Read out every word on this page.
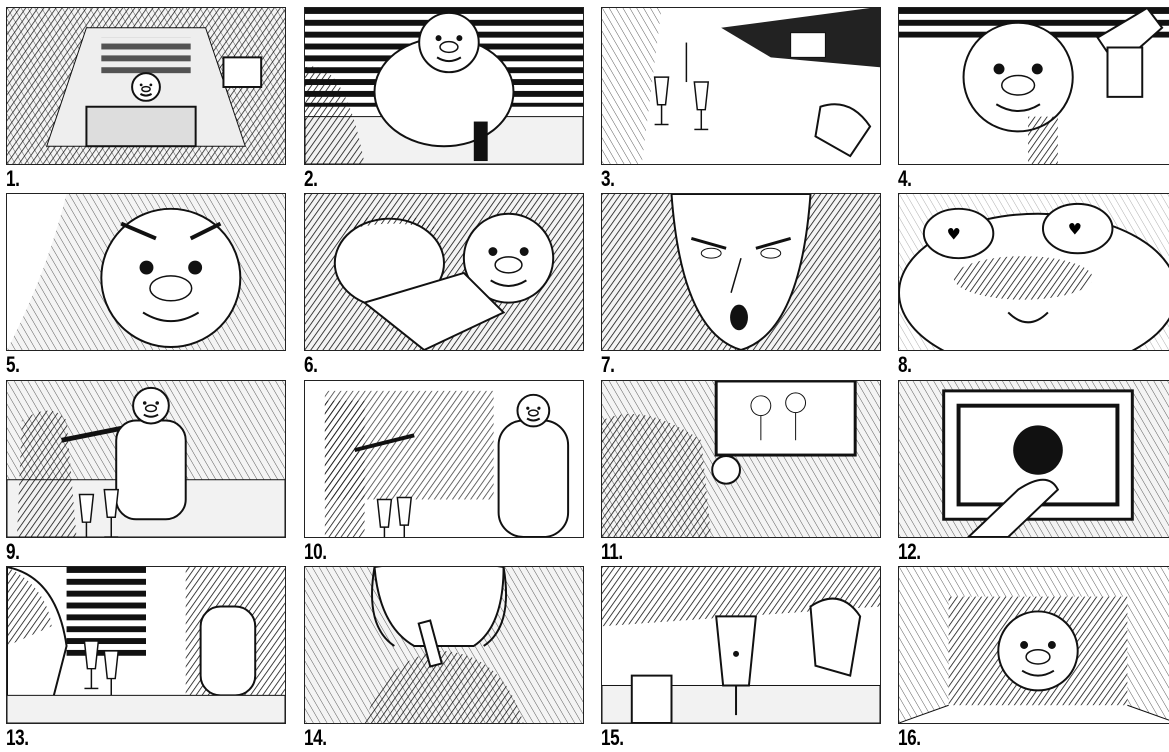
1.	2.	3.	4.
5.	6.	7.
♥	♥
8.
9.	10.	11.	12.
13.	14.	15.	16.
